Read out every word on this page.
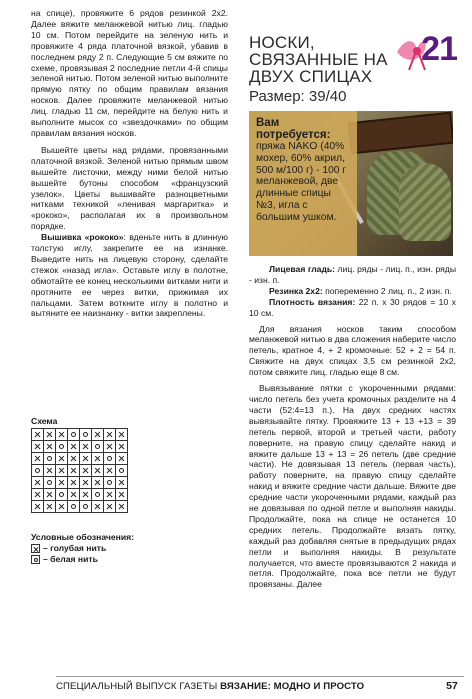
на спице), провяжите 6 рядов резинкой 2х2. Далее вяжите меланжевой нитью лиц. гладью 10 см. Потом перейдите на зеленую нить и провяжите 4 ряда платочной вязкой, убавив в последнем ряду 2 п. Следующие 5 см вяжите по схеме, провязывая 2 последние петли 4-й спицы зеленой нитью. Потом зеленой нитью выполните прямую пятку по общим правилам вязания носков. Далее провяжите меланжевой нитью лиц. гладью 11 см, перейдите на белую нить и выполните мысок со «звездочками» по общим правилам вязания носков.

Вышейте цветы над рядами, провязанными платочной вязкой. Зеленой нитью прямым швом вышейте листочки, между ними белой нитью вышейте бутоны способом «французский узелок». Цветы вышивайте разноцветными нитками техникой «ленивая маргаритка» и «рококо», располагая их в произвольном порядке.

Вышивка «рококо»: вденьте нить в длинную толстую иглу, закрепите ее на изнанке. Выведите нить на лицевую сторону, сделайте стежок «назад игла». Оставьте иглу в полотне, обмотайте ее конец несколькими витками нити и протяните ее через витки, прижимая их пальцами. Затем воткните иглу в полотно и вытяните ее наизнанку - витки закреплены.

Схема
Условные обозначения:
– голубая нить
– белая нить
НОСКИ, СВЯЗАННЫЕ НА ДВУХ СПИЦАХ
21
Размер: 39/40
Вам потребуется:
пряжа NAKO (40% мохер, 60% акрил, 500 м/100 г) - 100 г меланжевой, две длинные спицы №3, игла с большим ушком.

Лицевая гладь: лиц. ряды - лиц. п., изн. ряды - изн. п.

Резинка 2х2: попеременно 2 лиц. п., 2 изн. п.

Плотность вязания: 22 п. х 30 рядов = 10 х 10 см.

Для вязания носков таким способом меланжевой нитью в два сложения наберите число петель, кратное 4, + 2 кромочные: 52 + 2 = 54 п. Свяжите на двух спицах 3,5 см резинкой 2х2, потом свяжите лиц. гладью еще 8 см.

Вывязывание пятки с укороченными рядами: число петель без учета кромочных разделите на 4 части (52:4=13 п.). На двух средних частях вывязывайте пятку. Провяжите 13 + 13 +13 = 39 петель первой, второй и третьей части, работу поверните, на правую спицу сделайте накид и вяжите дальше 13 + 13 = 26 петель (две средние части). Не довязывая 13 петель (первая часть), работу поверните, на правую спицу сделайте накид и вяжите средние части дальше. Вяжите две средние части укороченными рядами, каждый раз не довязывая по одной петле и выполняя накиды. Продолжайте, пока на спице не останется 10 средних петель. Продолжайте вязать пятку, каждый раз добавляя снятые в предыдущих рядах петли и выполняя накиды. В результате получается, что вместе провязываются 2 накида и петля. Продолжайте, пока все петли не будут провязаны. Далее

СПЕЦИАЛЬНЫЙ ВЫПУСК ГАЗЕТЫ ВЯЗАНИЕ: МОДНО И ПРОСТО	57
